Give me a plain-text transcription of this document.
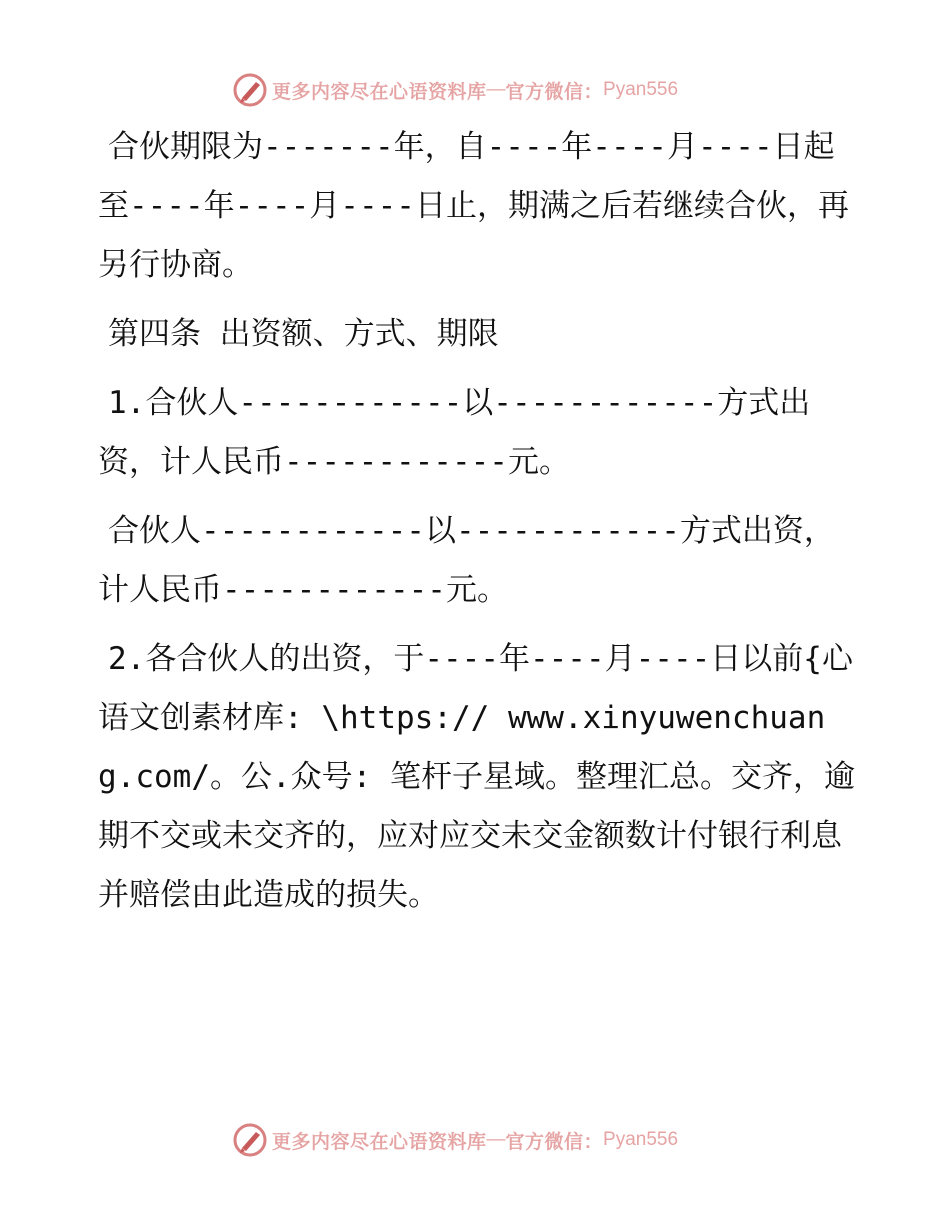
更多内容尽在心语资料库 — 官方微信： Pyan556

合伙期限为-------年，自----年----月----日起至----年----月----日止，期满之后若继续合伙，再另行协商。

第四条 出资额、方式、期限

1.合伙人------------以------------方式出资，计人民币------------元。

合伙人------------以------------方式出资，计人民币------------元。

2.各合伙人的出资，于----年----月----日以前{心语文创素材库: \https:// www.xinyuwenchuang.com/。公.众号: 笔杆子星域。整理汇总。交齐，逾期不交或未交齐的，应对应交未交金额数计付银行利息并赔偿由此造成的损失。

更多内容尽在心语资料库 — 官方微信： Pyan556
